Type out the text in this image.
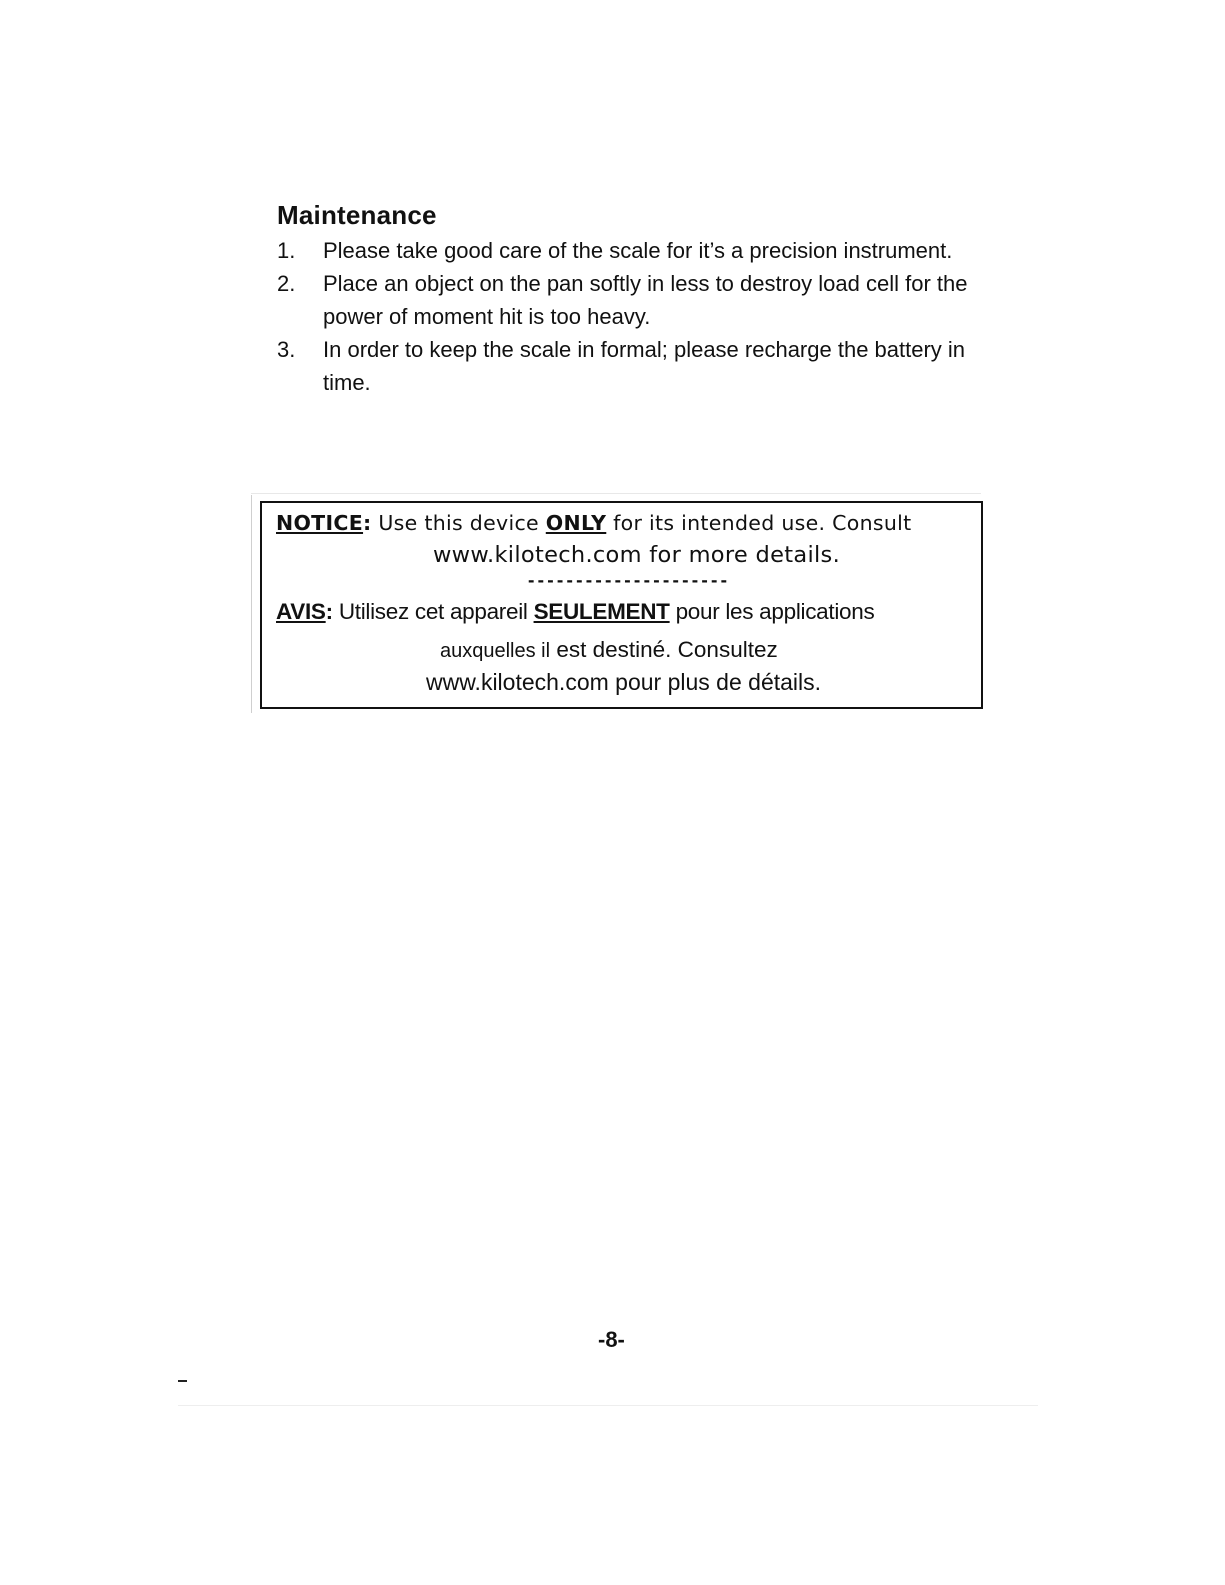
Maintenance
1.	Please take good care of the scale for it’s a precision instrument.
2.	Place an object on the pan softly in less to destroy load cell for the power of moment hit is too heavy.
3.	In order to keep the scale in formal; please recharge the battery in time.
NOTICE: Use this device ONLY for its intended use. Consult
www.kilotech.com for more details.
---------------------
AVIS: Utilisez cet appareil SEULEMENT pour les applications
auxquelles il est destiné. Consultez
www.kilotech.com pour plus de détails.
-8-
